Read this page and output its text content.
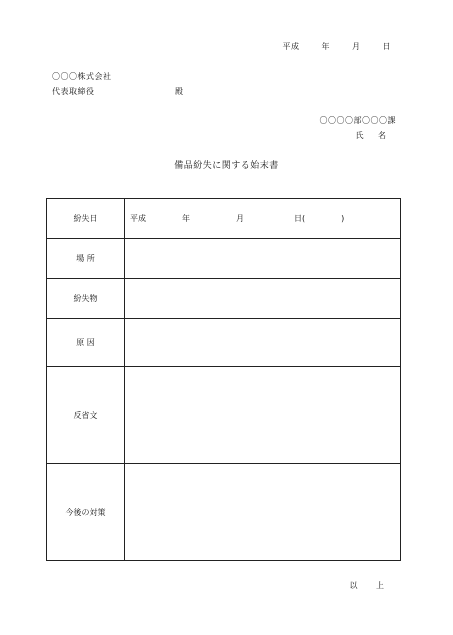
平成	年	月	日
〇〇〇株式会社
代表取締役	殿
〇〇〇〇部〇〇〇課
氏 名
備品紛失に関する始末書
紛失日	平成 年 月 日( )
場 所	
紛失物	
原 因	
反省文	
今後の対策	
以 上
